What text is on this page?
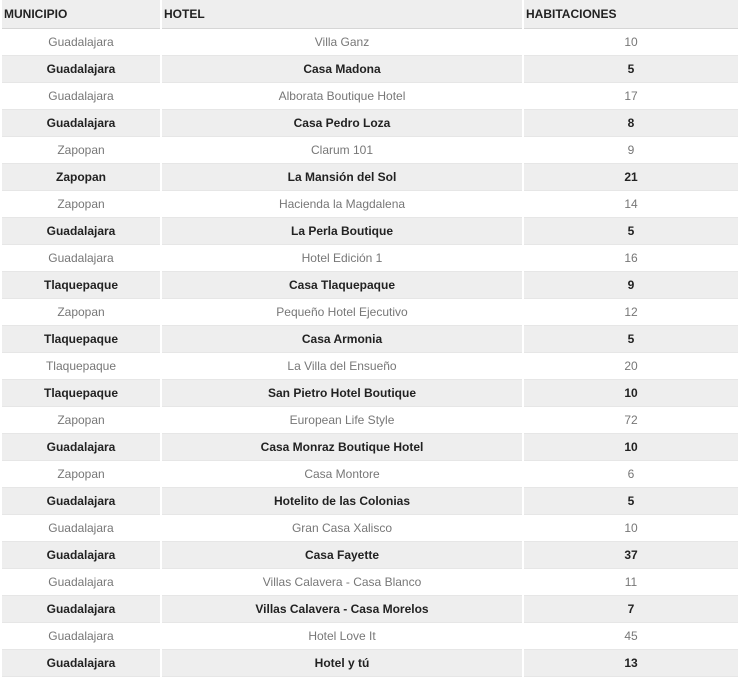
MUNICIPIO	HOTEL	HABITACIONES
Guadalajara	Villa Ganz	10
Guadalajara	Casa Madona	5
Guadalajara	Alborata Boutique Hotel	17
Guadalajara	Casa Pedro Loza	8
Zapopan	Clarum 101	9
Zapopan	La Mansión del Sol	21
Zapopan	Hacienda la Magdalena	14
Guadalajara	La Perla Boutique	5
Guadalajara	Hotel Edición 1	16
Tlaquepaque	Casa Tlaquepaque	9
Zapopan	Pequeño Hotel Ejecutivo	12
Tlaquepaque	Casa Armonia	5
Tlaquepaque	La Villa del Ensueño	20
Tlaquepaque	San Pietro Hotel Boutique	10
Zapopan	European Life Style	72
Guadalajara	Casa Monraz Boutique Hotel	10
Zapopan	Casa Montore	6
Guadalajara	Hotelito de las Colonias	5
Guadalajara	Gran Casa Xalisco	10
Guadalajara	Casa Fayette	37
Guadalajara	Villas Calavera - Casa Blanco	11
Guadalajara	Villas Calavera - Casa Morelos	7
Guadalajara	Hotel Love It	45
Guadalajara	Hotel y tú	13
